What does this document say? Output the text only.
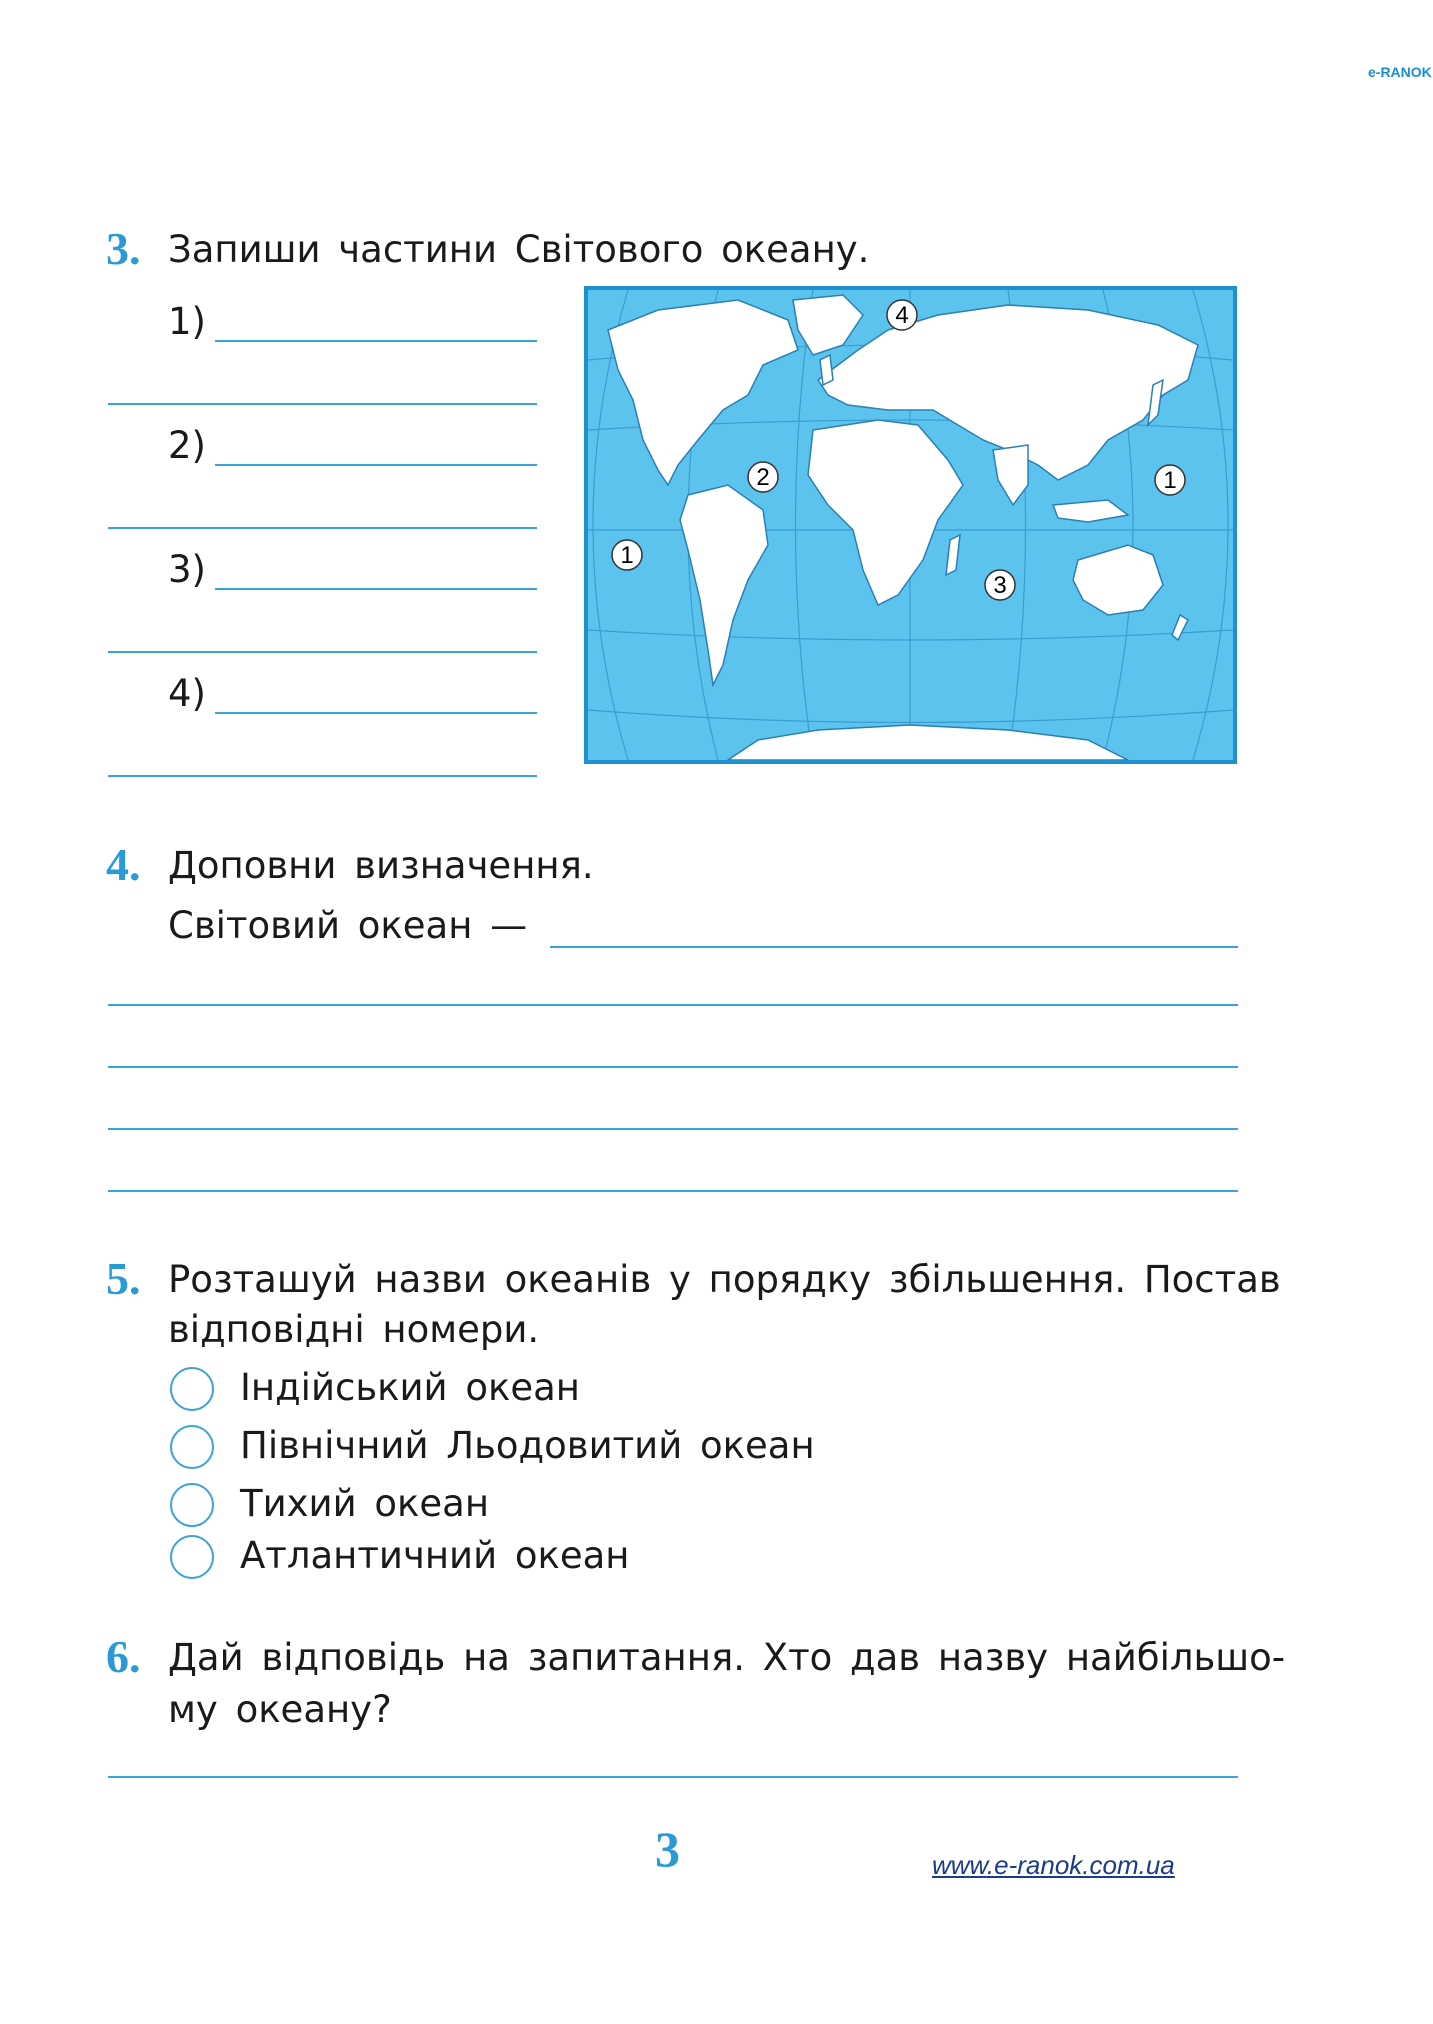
e-RANOK
3. Запиши частини Світового океану.
1)
2)
3)
4)
4
2	1
1
3
4. Доповни визначення.
Світовий океан —
5. Розташуй назви океанів у порядку збільшення. Постав
відповідні номери.
Індійський океан
Північний Льодовитий океан
Тихий океан
Атлантичний океан
6. Дай відповідь на запитання. Хто дав назву найбільшо-
му океану?
3	www.e-ranok.com.ua
